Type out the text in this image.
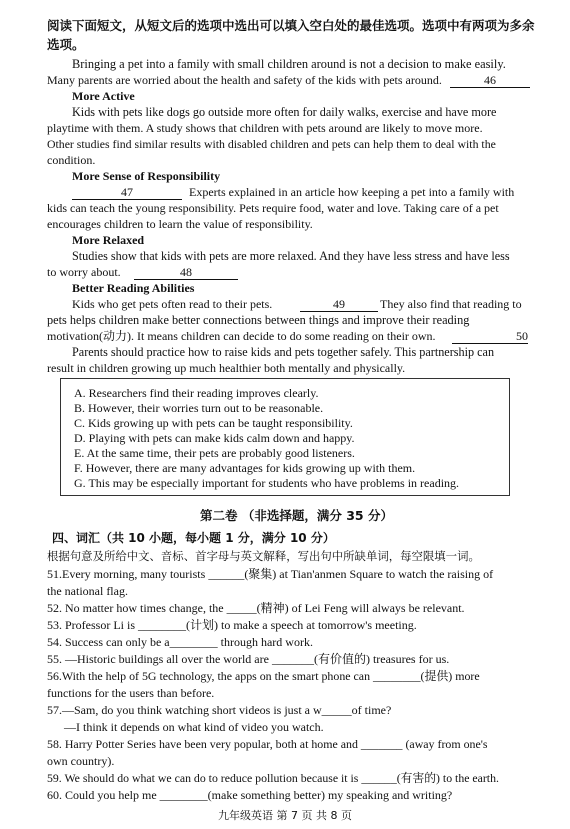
阅读下面短文，从短文后的选项中选出可以填入空白处的最佳选项。选项中有两项为多余
选项。
Bringing a pet into a family with small children around is not a decision to make easily.
Many parents are worried about the health and safety of the kids with pets around.	46
More Active
Kids with pets like dogs go outside more often for daily walks, exercise and have more
playtime with them. A study shows that children with pets around are likely to move more.
Other studies find similar results with disabled children and pets can help them to deal with the
condition.
More Sense of Responsibility
47	Experts explained in an article how keeping a pet into a family with
kids can teach the young responsibility. Pets require food, water and love. Taking care of a pet
encourages children to learn the value of responsibility.
More Relaxed
Studies show that kids with pets are more relaxed. And they have less stress and have less
to worry about.	48
Better Reading Abilities
Kids who get pets often read to their pets.	49	They also find that reading to
pets helps children make better connections between things and improve their reading
motivation(动力). It means children can decide to do some reading on their own.	50
Parents should practice how to raise kids and pets together safely. This partnership can
result in children growing up much healthier both mentally and physically.
A. Researchers find their reading improves clearly.
B. However, their worries turn out to be reasonable.
C. Kids growing up with pets can be taught responsibility.
D. Playing with pets can make kids calm down and happy.
E. At the same time, their pets are probably good listeners.
F. However, there are many advantages for kids growing up with them.
G. This may be especially important for students who have problems in reading.
第二卷 （非选择题，满分 35 分）
四、词汇（共 10 小题，每小题 1 分，满分 10 分）
根据句意及所给中文、音标、首字母与英文解释，写出句中所缺单词，每空限填一词。
51.Every morning, many tourists ______(聚集) at Tian'anmen Square to watch the raising of
the national flag.
52. No matter how times change, the _____(精神) of Lei Feng will always be relevant.
53. Professor Li is ________(计划) to make a speech at tomorrow's meeting.
54. Success can only be a________ through hard work.
55. —Historic buildings all over the world are _______(有价值的) treasures for us.
56.With the help of 5G technology, the apps on the smart phone can ________(提供) more
functions for the users than before.
57.—Sam, do you think watching short videos is just a w_____of time?
—I think it depends on what kind of video you watch.
58. Harry Potter Series have been very popular, both at home and _______ (away from one's
own country).
59. We should do what we can do to reduce pollution because it is ______(有害的) to the earth.
60. Could you help me ________(make something better) my speaking and writing?
九年级英语 第 7 页 共 8 页
